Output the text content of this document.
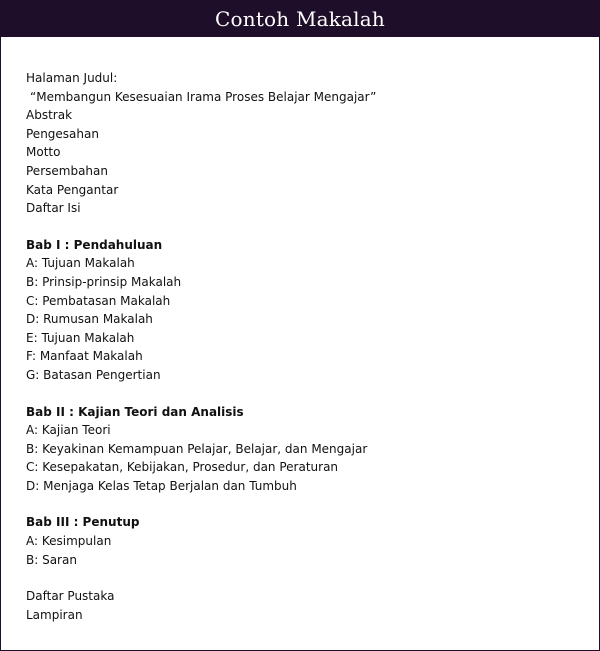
Contoh Makalah
Halaman Judul:
“Membangun Kesesuaian Irama Proses Belajar Mengajar”
Abstrak
Pengesahan
Motto
Persembahan
Kata Pengantar
Daftar Isi
Bab I : Pendahuluan
A: Tujuan Makalah
B: Prinsip-prinsip Makalah
C: Pembatasan Makalah
D: Rumusan Makalah
E: Tujuan Makalah
F: Manfaat Makalah
G: Batasan Pengertian
Bab II : Kajian Teori dan Analisis
A: Kajian Teori
B: Keyakinan Kemampuan Pelajar, Belajar, dan Mengajar
C: Kesepakatan, Kebijakan, Prosedur, dan Peraturan
D: Menjaga Kelas Tetap Berjalan dan Tumbuh
Bab III : Penutup
A: Kesimpulan
B: Saran
Daftar Pustaka
Lampiran
